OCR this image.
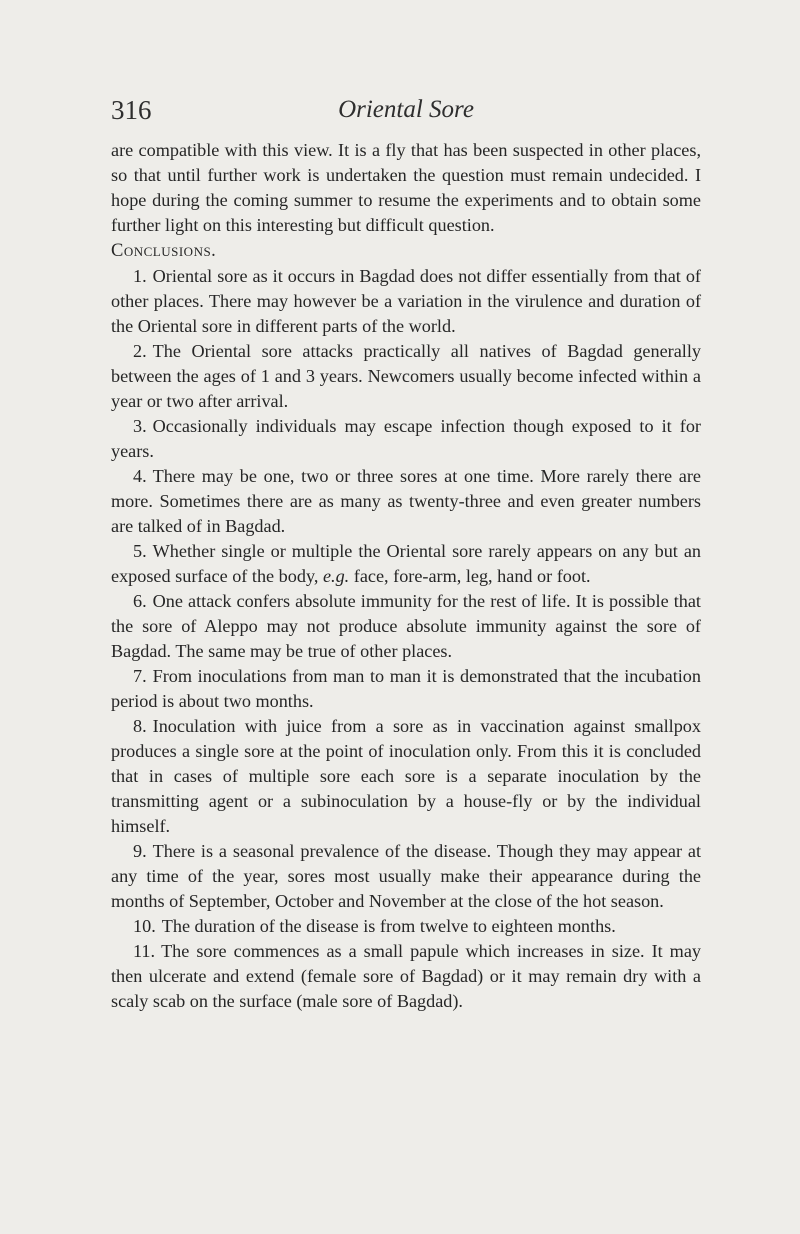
316	Oriental Sore

are compatible with this view. It is a fly that has been suspected in other places, so that until further work is undertaken the question must remain undecided. I hope during the coming summer to resume the experiments and to obtain some further light on this interesting but difficult question.

Conclusions.

1. Oriental sore as it occurs in Bagdad does not differ essentially from that of other places. There may however be a variation in the virulence and duration of the Oriental sore in different parts of the world.

2. The Oriental sore attacks practically all natives of Bagdad generally between the ages of 1 and 3 years. Newcomers usually become infected within a year or two after arrival.

3. Occasionally individuals may escape infection though exposed to it for years.

4. There may be one, two or three sores at one time. More rarely there are more. Sometimes there are as many as twenty-three and even greater numbers are talked of in Bagdad.

5. Whether single or multiple the Oriental sore rarely appears on any but an exposed surface of the body, e.g. face, fore-arm, leg, hand or foot.

6. One attack confers absolute immunity for the rest of life. It is possible that the sore of Aleppo may not produce absolute immunity against the sore of Bagdad. The same may be true of other places.

7. From inoculations from man to man it is demonstrated that the incubation period is about two months.

8. Inoculation with juice from a sore as in vaccination against smallpox produces a single sore at the point of inoculation only. From this it is concluded that in cases of multiple sore each sore is a separate inoculation by the transmitting agent or a subinoculation by a house-fly or by the individual himself.

9. There is a seasonal prevalence of the disease. Though they may appear at any time of the year, sores most usually make their appearance during the months of September, October and November at the close of the hot season.

10. The duration of the disease is from twelve to eighteen months.

11. The sore commences as a small papule which increases in size. It may then ulcerate and extend (female sore of Bagdad) or it may remain dry with a scaly scab on the surface (male sore of Bagdad).
